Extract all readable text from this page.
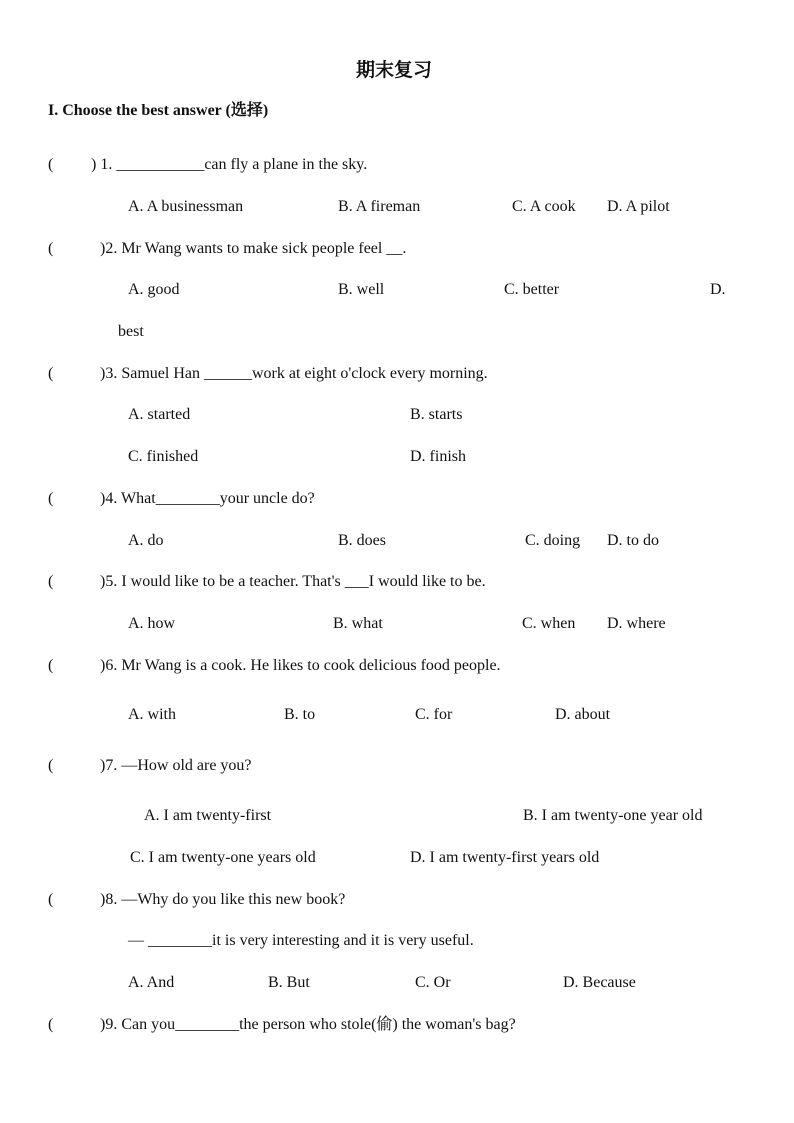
期末复习
I. Choose the best answer (选择)
( ) 1. ___________can fly a plane in the sky.
A. A businessman	B. A fireman	C. A cook D. A pilot
(	)2. Mr Wang wants to make sick people feel __.
A. good	B. well	C. better	D.
best
(	)3. Samuel Han ______work at eight o'clock every morning.
A. started	B. starts
C. finished	D. finish
(	)4. What________your uncle do?
A. do	B. does	C. doing D. to do
(	)5. I would like to be a teacher. That's ___I would like to be.
A. how	B. what	C. when D. where
(	)6. Mr Wang is a cook. He likes to cook delicious food people.
A. with	B. to	C. for	D. about
(	)7. —How old are you?
A. I am twenty-first	B. I am twenty-one year old
C. I am twenty-one years old	D. I am twenty-first years old
(	)8. —Why do you like this new book?
— ________it is very interesting and it is very useful.
A. And	B. But	C. Or	D. Because
(	)9. Can you________the person who stole(偷) the woman's bag?
